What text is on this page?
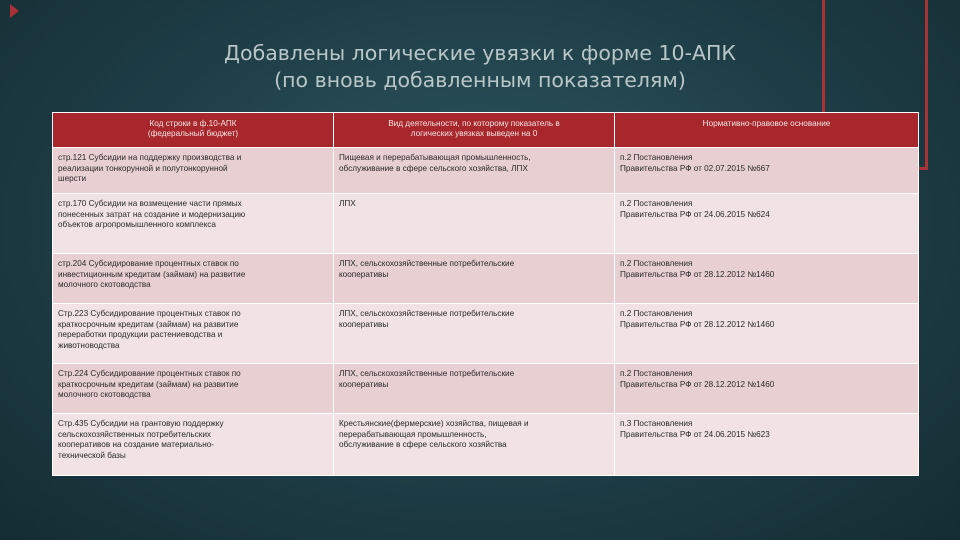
Добавлены логические увязки к форме 10-АПК
(по вновь добавленным показателям)
Код строки в ф.10-АПК
(федеральный бюджет)	Вид деятельности, по которому показатель в
логических увязках выведен на 0	Нормативно-правовое основание

стр.121 Субсидии на поддержку производства и
реализации тонкорунной и полутонкорунной
шерсти	Пищевая и перерабатывающая промышленность,
обслуживание в сфере сельского хозяйства, ЛПХ	п.2 Постановления
Правительства РФ от 02.07.2015 №667

стр.170 Субсидии на возмещение части прямых
понесенных затрат на создание и модернизацию
объектов агропромышленного комплекса	ЛПХ	п.2 Постановления
Правительства РФ от 24.06.2015 №624

стр.204 Субсидирование процентных ставок по
инвестиционным кредитам (займам) на развитие
молочного скотоводства	ЛПХ, сельскохозяйственные потребительские
кооперативы	п.2 Постановления
Правительства РФ от 28.12.2012 №1460

Стр.223 Субсидирование процентных ставок по
краткосрочным кредитам (займам) на развитие
переработки продукции растениеводства и
животноводства	ЛПХ, сельскохозяйственные потребительские
кооперативы	п.2 Постановления
Правительства РФ от 28.12.2012 №1460

Стр.224 Субсидирование процентных ставок по
краткосрочным кредитам (займам) на развитие
молочного скотоводства	ЛПХ, сельскохозяйственные потребительские
кооперативы	п.2 Постановления
Правительства РФ от 28.12.2012 №1460

Стр.435 Субсидии на грантовую поддержку
сельскохозяйственных потребительских
кооперативов на создание материально-
технической базы	Крестьянские(фермерские) хозяйства, пищевая и
перерабатывающая промышленность,
обслуживание в сфере сельского хозяйства	п.3 Постановления
Правительства РФ от 24.06.2015 №623
